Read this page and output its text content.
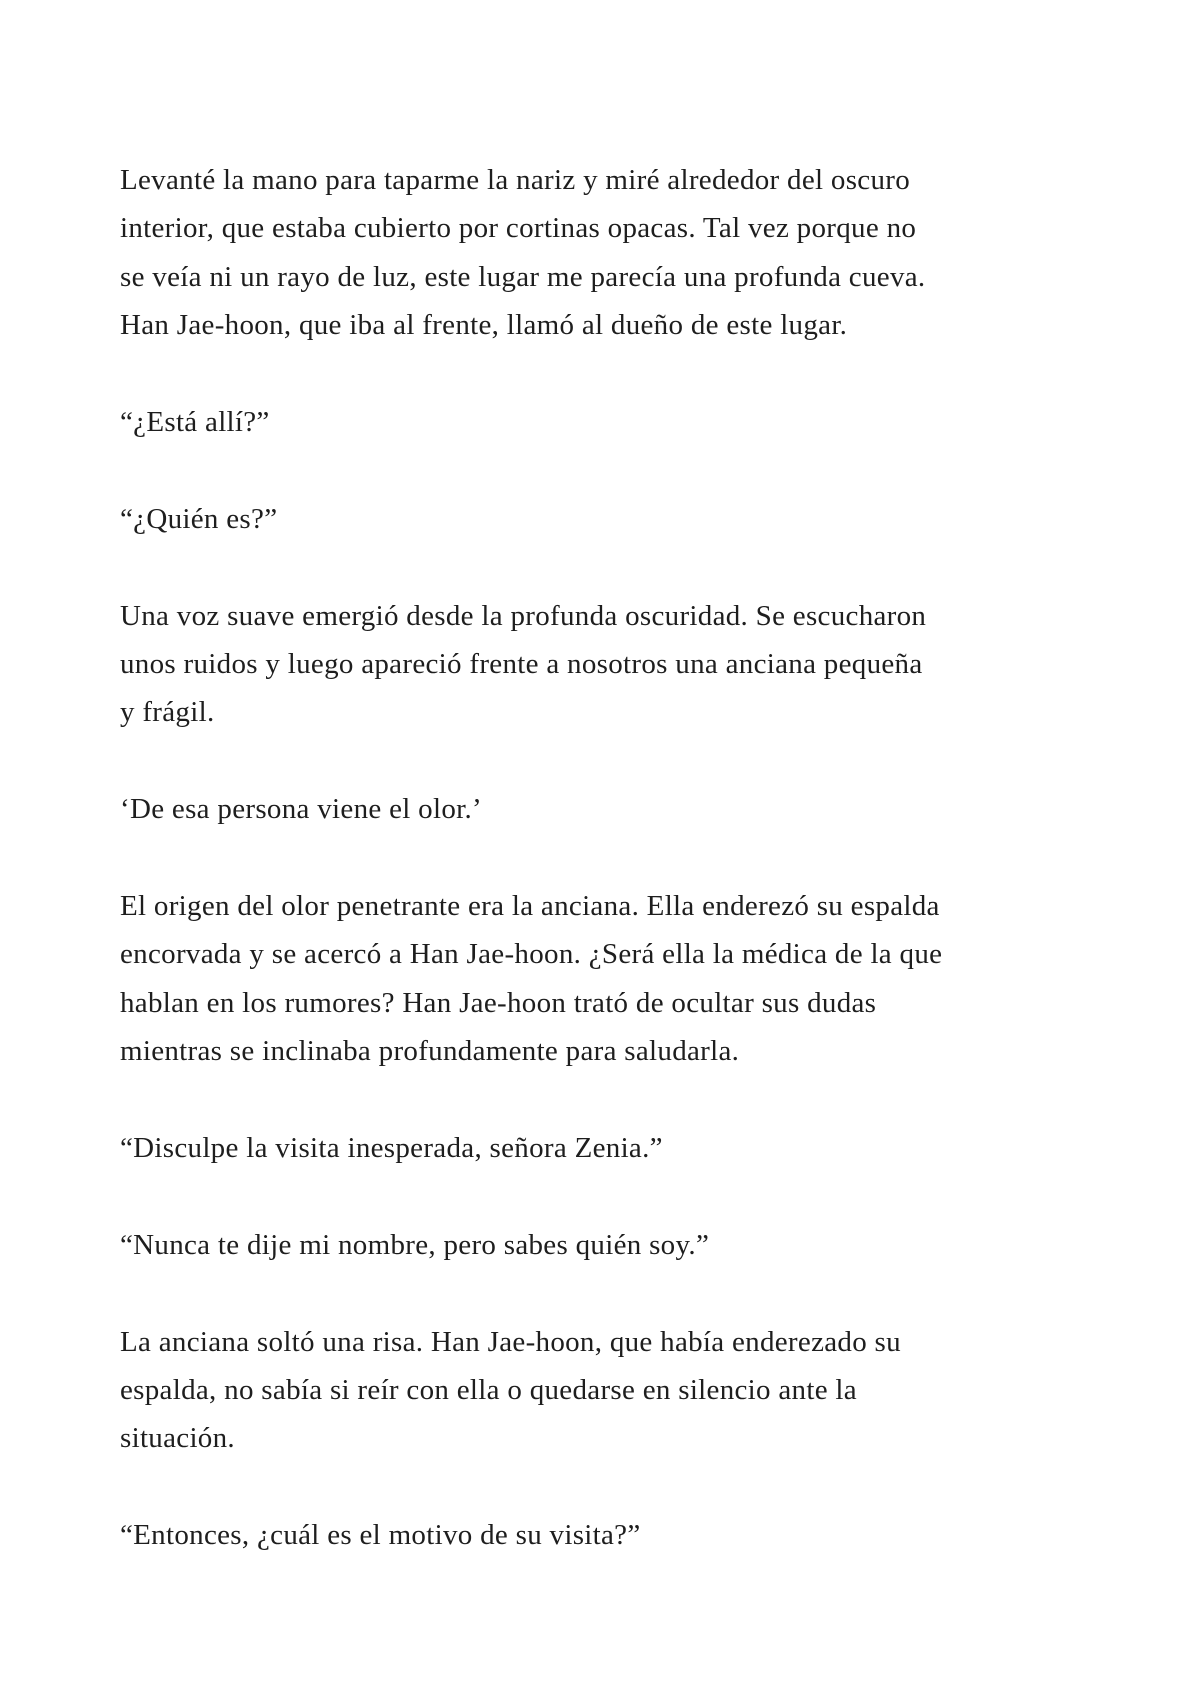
Levanté la mano para taparme la nariz y miré alrededor del oscuro
interior, que estaba cubierto por cortinas opacas. Tal vez porque no
se veía ni un rayo de luz, este lugar me parecía una profunda cueva.
Han Jae-hoon, que iba al frente, llamó al dueño de este lugar.

“¿Está allí?”

“¿Quién es?”

Una voz suave emergió desde la profunda oscuridad. Se escucharon
unos ruidos y luego apareció frente a nosotros una anciana pequeña
y frágil.

‘De esa persona viene el olor.’

El origen del olor penetrante era la anciana. Ella enderezó su espalda
encorvada y se acercó a Han Jae-hoon. ¿Será ella la médica de la que
hablan en los rumores? Han Jae-hoon trató de ocultar sus dudas
mientras se inclinaba profundamente para saludarla.

“Disculpe la visita inesperada, señora Zenia.”

“Nunca te dije mi nombre, pero sabes quién soy.”

La anciana soltó una risa. Han Jae-hoon, que había enderezado su
espalda, no sabía si reír con ella o quedarse en silencio ante la
situación.

“Entonces, ¿cuál es el motivo de su visita?”
